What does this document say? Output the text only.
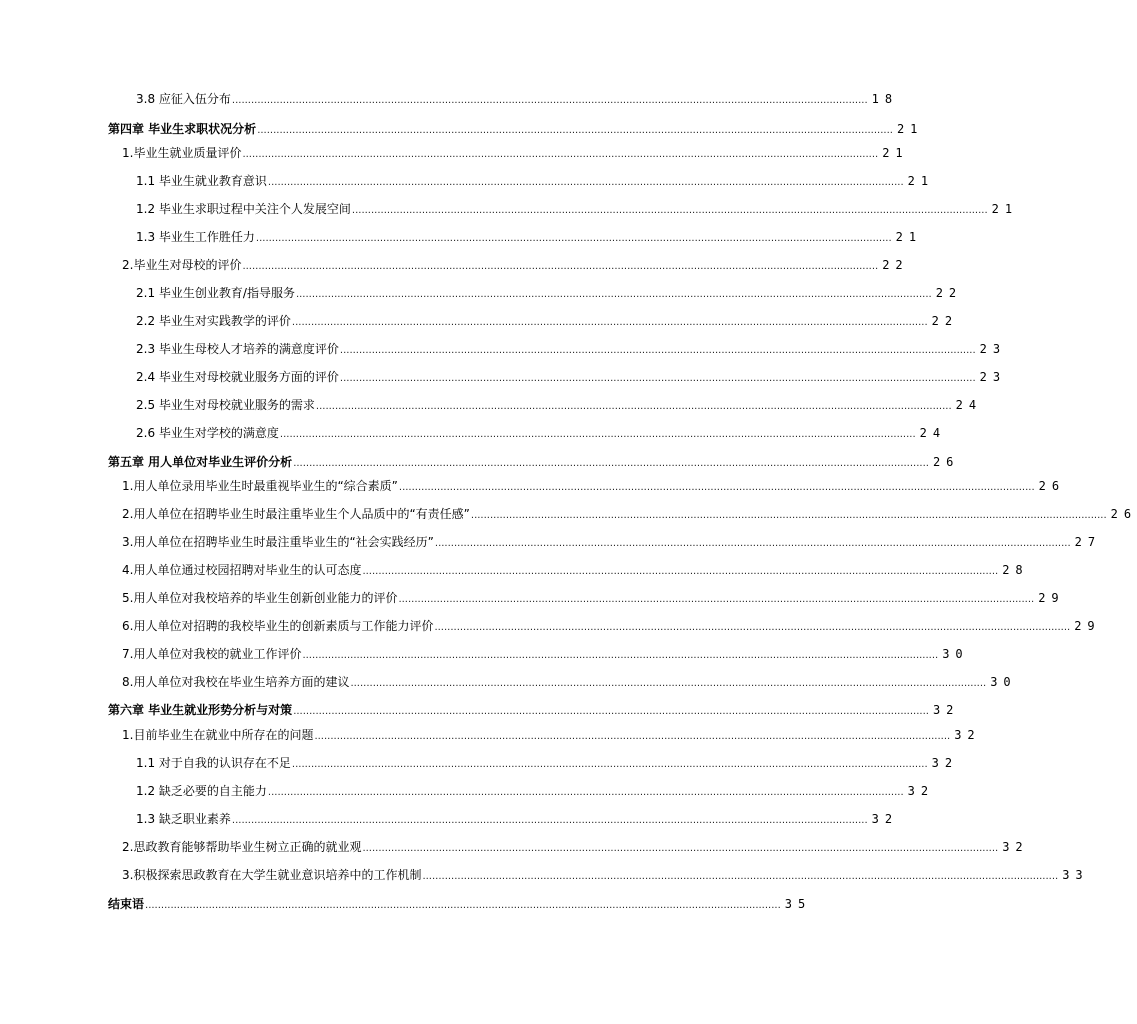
3.8 应征入伍分布 ........................................................................................................................................................................................................ 18
第四章 毕业生求职状况分析 ........................................................................................................................................................................................................ 21
1.毕业生就业质量评价 ........................................................................................................................................................................................................ 21
1.1 毕业生就业教育意识 ........................................................................................................................................................................................................ 21
1.2 毕业生求职过程中关注个人发展空间 ........................................................................................................................................................................................................ 21
1.3 毕业生工作胜任力 ........................................................................................................................................................................................................ 21
2.毕业生对母校的评价 ........................................................................................................................................................................................................ 22
2.1 毕业生创业教育/指导服务 ........................................................................................................................................................................................................ 22
2.2 毕业生对实践教学的评价 ........................................................................................................................................................................................................ 22
2.3 毕业生母校人才培养的满意度评价 ........................................................................................................................................................................................................ 23
2.4 毕业生对母校就业服务方面的评价 ........................................................................................................................................................................................................ 23
2.5 毕业生对母校就业服务的需求 ........................................................................................................................................................................................................ 24
2.6 毕业生对学校的满意度 ........................................................................................................................................................................................................ 24
第五章 用人单位对毕业生评价分析 ........................................................................................................................................................................................................ 26
1.用人单位录用毕业生时最重视毕业生的“综合素质” ........................................................................................................................................................................................................ 26
2.用人单位在招聘毕业生时最注重毕业生个人品质中的“有责任感” ........................................................................................................................................................................................................ 26
3.用人单位在招聘毕业生时最注重毕业生的“社会实践经历” ........................................................................................................................................................................................................ 27
4.用人单位通过校园招聘对毕业生的认可态度 ........................................................................................................................................................................................................ 28
5.用人单位对我校培养的毕业生创新创业能力的评价 ........................................................................................................................................................................................................ 29
6.用人单位对招聘的我校毕业生的创新素质与工作能力评价 ........................................................................................................................................................................................................ 29
7.用人单位对我校的就业工作评价 ........................................................................................................................................................................................................ 30
8.用人单位对我校在毕业生培养方面的建议 ........................................................................................................................................................................................................ 30
第六章 毕业生就业形势分析与对策 ........................................................................................................................................................................................................ 32
1.目前毕业生在就业中所存在的问题 ........................................................................................................................................................................................................ 32
1.1 对于自我的认识存在不足 ........................................................................................................................................................................................................ 32
1.2 缺乏必要的自主能力 ........................................................................................................................................................................................................ 32
1.3 缺乏职业素养 ........................................................................................................................................................................................................ 32
2.思政教育能够帮助毕业生树立正确的就业观 ........................................................................................................................................................................................................ 32
3.积极探索思政教育在大学生就业意识培养中的工作机制 ........................................................................................................................................................................................................ 33
结束语 ........................................................................................................................................................................................................ 35
